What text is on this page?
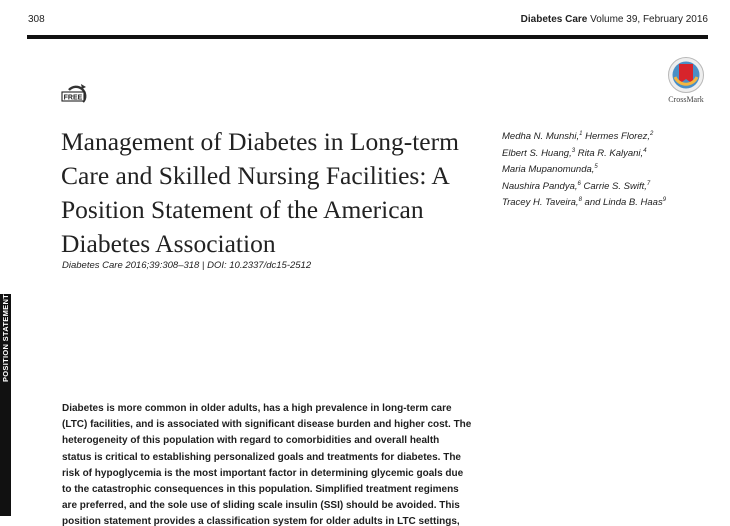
308	Diabetes Care Volume 39, February 2016
FREE	CrossMark
Management of Diabetes in Long-term Care and Skilled Nursing Facilities: A Position Statement of the American Diabetes Association
Diabetes Care 2016;39:308–318 | DOI: 10.2337/dc15-2512
Medha N. Munshi,$^1$ Hermes Florez,$^2$
Elbert S. Huang,$^3$ Rita R. Kalyani,$^4$
Maria Mupanomunda,$^5$
Naushira Pandya,$^6$ Carrie S. Swift,$^7$
Tracey H. Taveira,$^8$ and Linda B. Haas$^9$
POSITION STATEMENT
Diabetes is more common in older adults, has a high prevalence in long-term care
(LTC) facilities, and is associated with significant disease burden and higher cost. The
heterogeneity of this population with regard to comorbidities and overall health
status is critical to establishing personalized goals and treatments for diabetes. The
risk of hypoglycemia is the most important factor in determining glycemic goals due
to the catastrophic consequences in this population. Simplified treatment regimens
are preferred, and the sole use of sliding scale insulin (SSI) should be avoided. This
position statement provides a classification system for older adults in LTC settings,
